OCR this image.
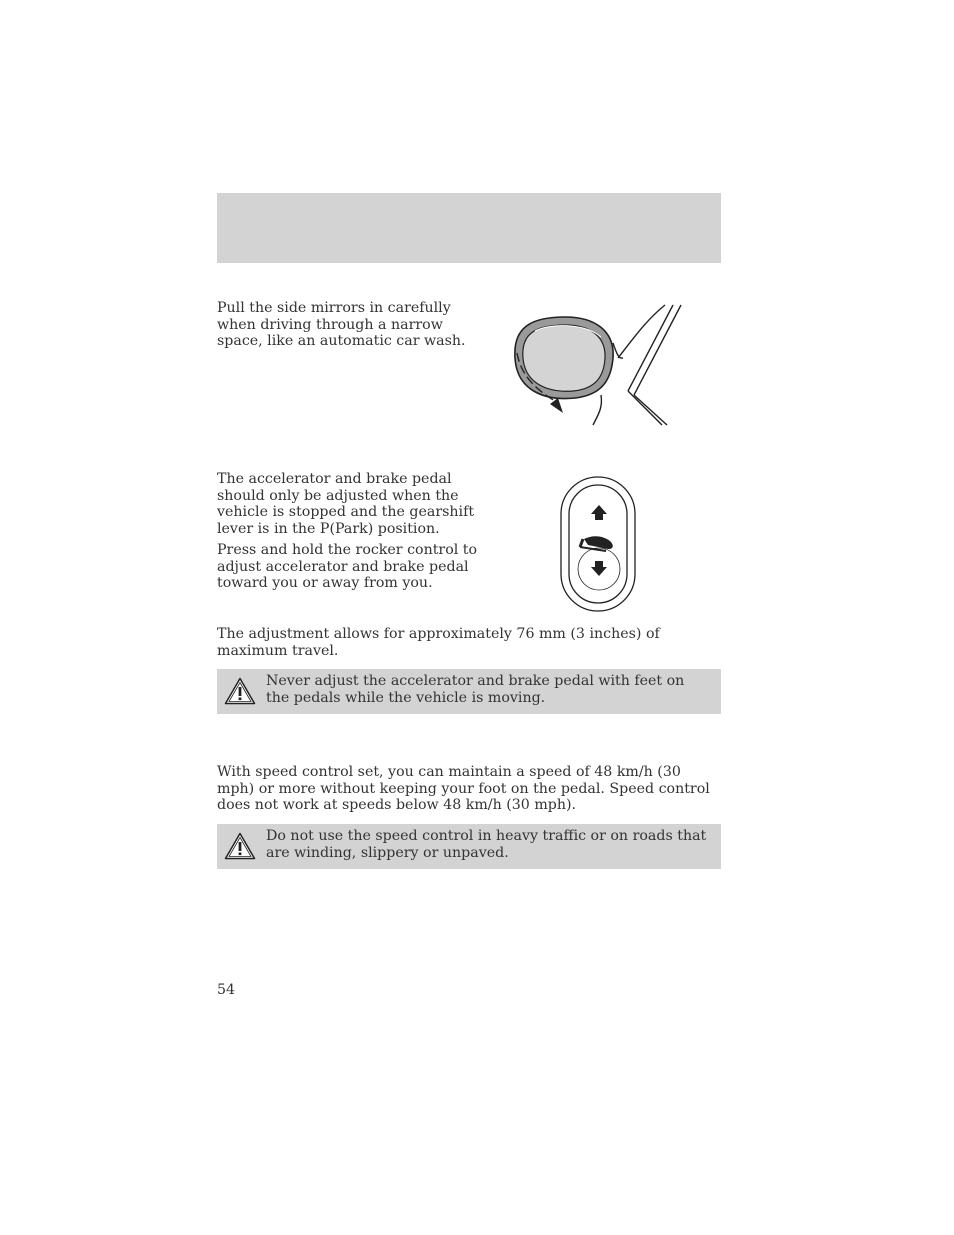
Pull the side mirrors in carefully when driving through a narrow space, like an automatic car wash.

The accelerator and brake pedal should only be adjusted when the vehicle is stopped and the gearshift lever is in the P(Park) position.

Press and hold the rocker control to adjust accelerator and brake pedal toward you or away from you.

The adjustment allows for approximately 76 mm (3 inches) of maximum travel.

Never adjust the accelerator and brake pedal with feet on the pedals while the vehicle is moving.

With speed control set, you can maintain a speed of 48 km/h (30 mph) or more without keeping your foot on the pedal. Speed control does not work at speeds below 48 km/h (30 mph).

Do not use the speed control in heavy traffic or on roads that are winding, slippery or unpaved.
54
